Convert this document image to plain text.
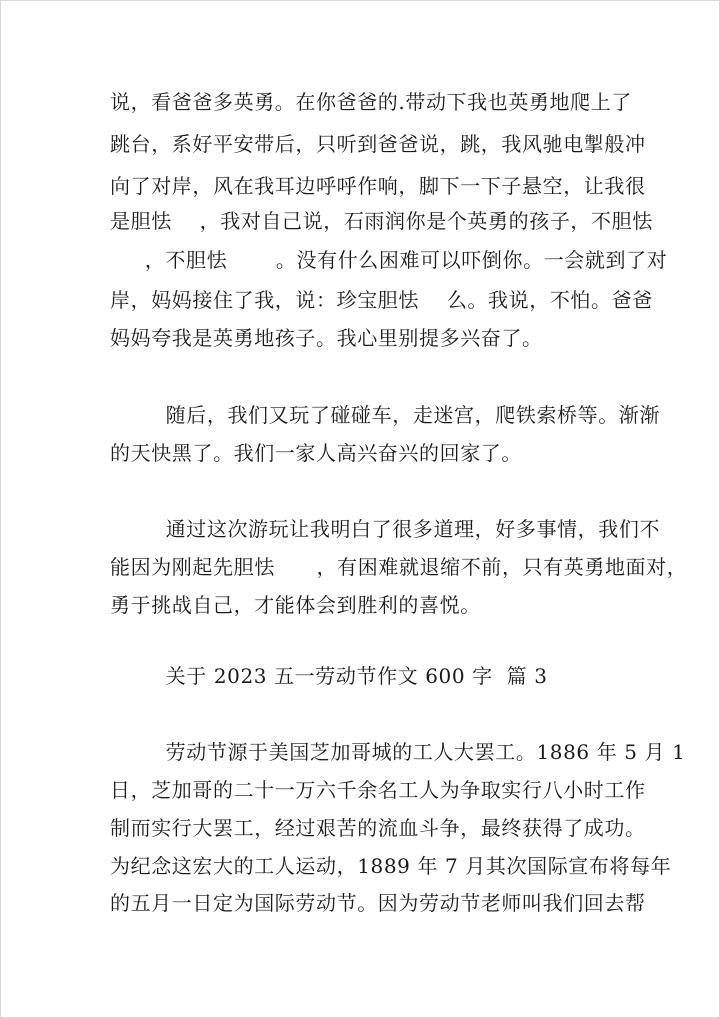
说，看爸爸多英勇。在你爸爸的.带动下我也英勇地爬上了
跳台，系好平安带后，只听到爸爸说，跳，我风驰电掣般冲
向了对岸，风在我耳边呼呼作响，脚下一下子悬空，让我很
是胆怯    ，我对自己说，石雨润你是个英勇的孩子，不胆怯
，不胆怯       。没有什么困难可以吓倒你。一会就到了对
岸，妈妈接住了我，说：珍宝胆怯    么。我说，不怕。爸爸
妈妈夸我是英勇地孩子。我心里别提多兴奋了。
随后，我们又玩了碰碰车，走迷宫，爬铁索桥等。渐渐
的天快黑了。我们一家人高兴奋兴的回家了。
通过这次游玩让我明白了很多道理，好多事情，我们不
能因为刚起先胆怯      ，有困难就退缩不前，只有英勇地面对，
勇于挑战自己，才能体会到胜利的喜悦。
关于 2023 五一劳动节作文 600 字  篇 3
劳动节源于美国芝加哥城的工人大罢工。1886 年 5 月 1
日，芝加哥的二十一万六千余名工人为争取实行八小时工作
制而实行大罢工，经过艰苦的流血斗争，最终获得了成功。
为纪念这宏大的工人运动，1889 年 7 月其次国际宣布将每年
的五月一日定为国际劳动节。因为劳动节老师叫我们回去帮
